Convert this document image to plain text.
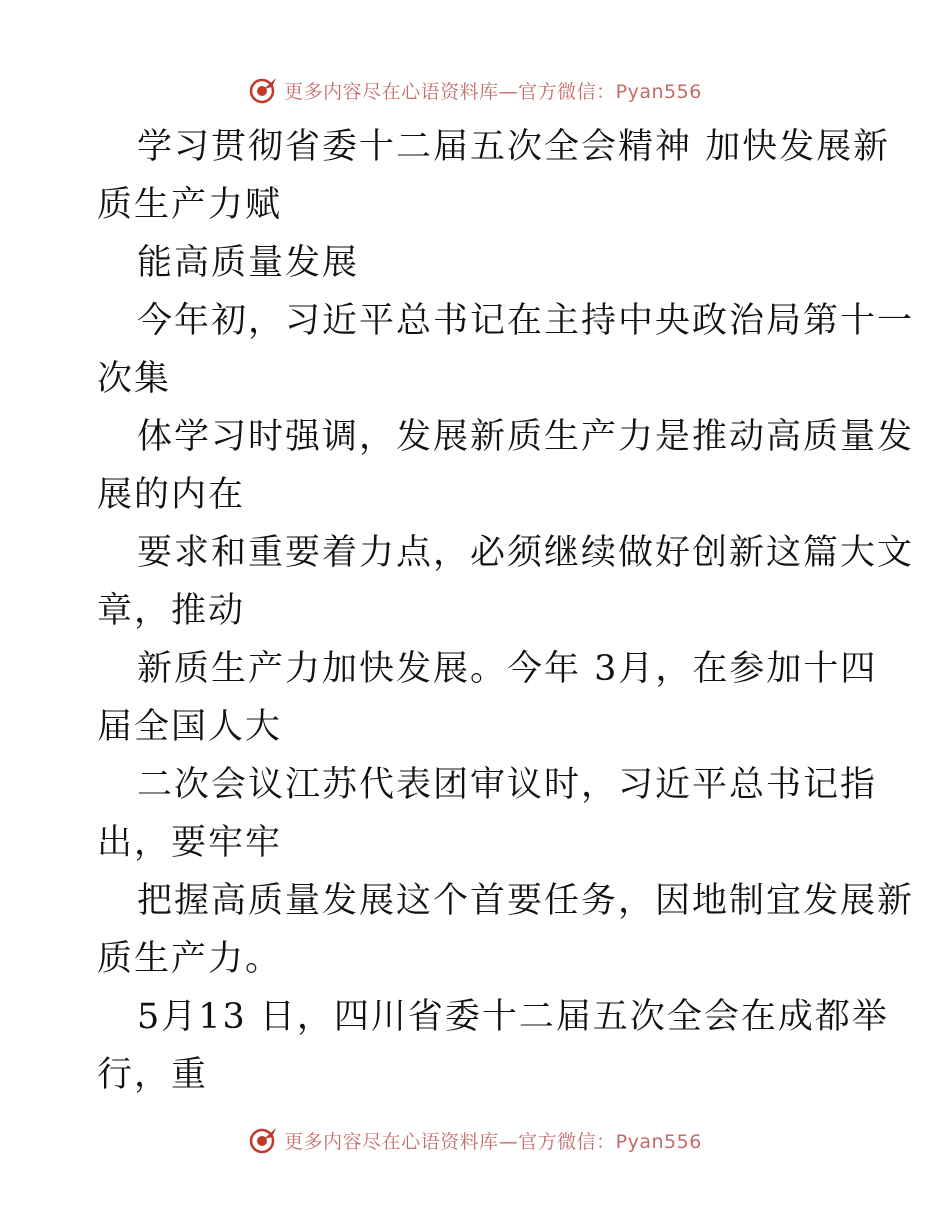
更多内容尽在心语资料库—官方微信：Pyan556
学习贯彻省委十二届五次全会精神 加快发展新
质生产力赋
能高质量发展
今年初，习近平总书记在主持中央政治局第十一
次集
体学习时强调，发展新质生产力是推动高质量发
展的内在
要求和重要着力点，必须继续做好创新这篇大文
章，推动
新质生产力加快发展。今年 3月，在参加十四
届全国人大
二次会议江苏代表团审议时，习近平总书记指
出，要牢牢
把握高质量发展这个首要任务，因地制宜发展新
质生产力。
5月13 日，四川省委十二届五次全会在成都举
行，重
更多内容尽在心语资料库—官方微信：Pyan556
